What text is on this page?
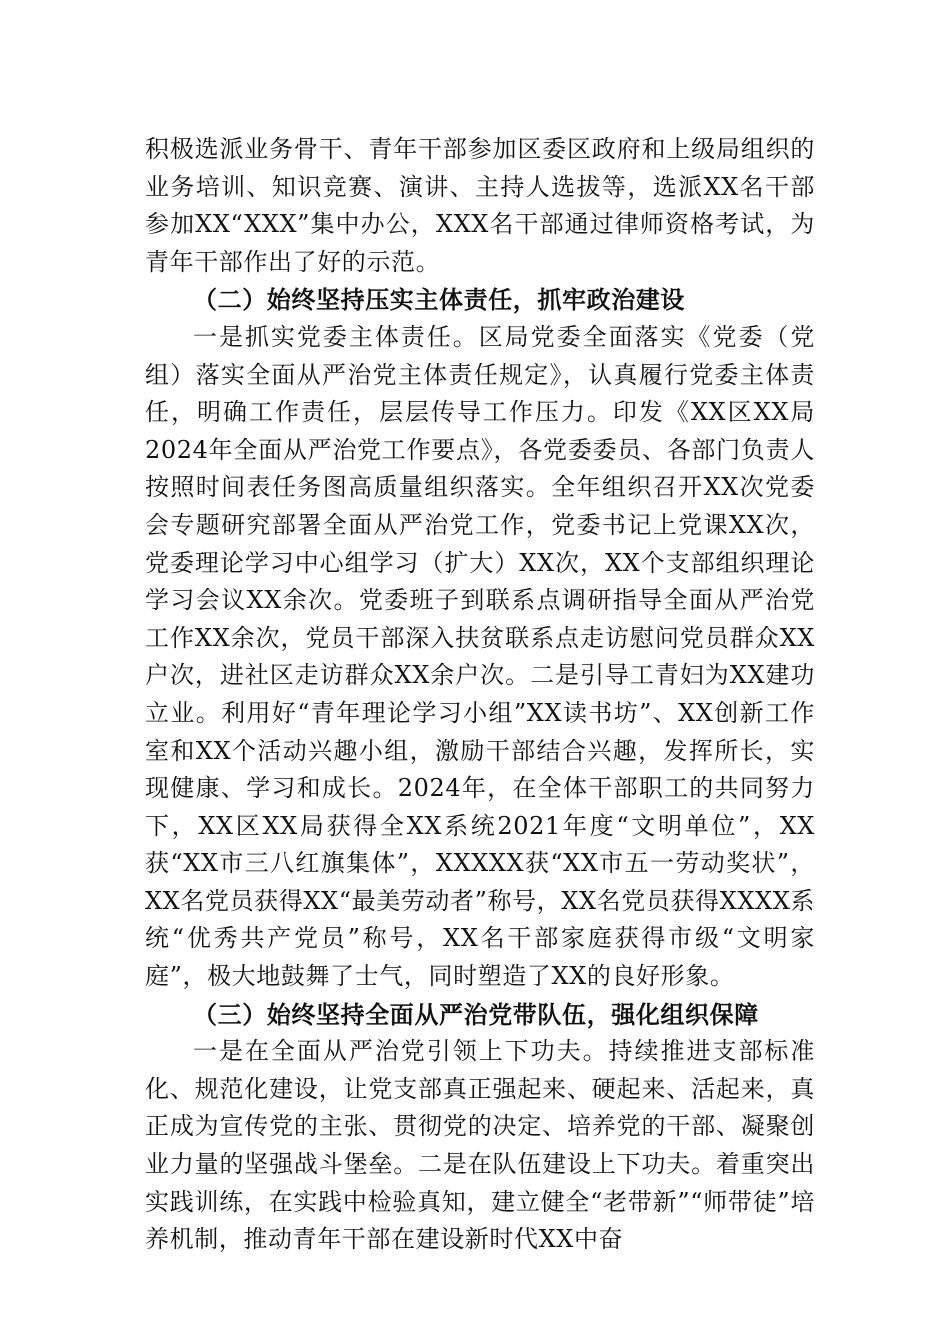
积极选派业务骨干、青年干部参加区委区政府和上级局组织的业务培训、知识竞赛、演讲、主持人选拔等，选派XX名干部参加XX“XXX”集中办公，XXX名干部通过律师资格考试，为青年干部作出了好的示范。

（二）始终坚持压实主体责任，抓牢政治建设

一是抓实党委主体责任。区局党委全面落实《党委（党组）落实全面从严治党主体责任规定》，认真履行党委主体责任，明确工作责任，层层传导工作压力。印发《XX区XX局2024年全面从严治党工作要点》，各党委委员、各部门负责人按照时间表任务图高质量组织落实。全年组织召开XX次党委会专题研究部署全面从严治党工作，党委书记上党课XX次，党委理论学习中心组学习（扩大）XX次，XX个支部组织理论学习会议XX余次。党委班子到联系点调研指导全面从严治党工作XX余次，党员干部深入扶贫联系点走访慰问党员群众XX户次，进社区走访群众XX余户次。二是引导工青妇为XX建功立业。利用好“青年理论学习小组”XX读书坊”、XX创新工作室和XX个活动兴趣小组，激励干部结合兴趣，发挥所长，实现健康、学习和成长。2024年，在全体干部职工的共同努力下，XX区XX局获得全XX系统2021年度“文明单位”，XX获“XX市三八红旗集体”，XXXXX获“XX市五一劳动奖状”，XX名党员获得XX“最美劳动者”称号，XX名党员获得XXXX系统“优秀共产党员”称号，XX名干部家庭获得市级“文明家庭”，极大地鼓舞了士气，同时塑造了XX的良好形象。

（三）始终坚持全面从严治党带队伍，强化组织保障

一是在全面从严治党引领上下功夫。持续推进支部标准化、规范化建设，让党支部真正强起来、硬起来、活起来，真正成为宣传党的主张、贯彻党的决定、培养党的干部、凝聚创业力量的坚强战斗堡垒。二是在队伍建设上下功夫。着重突出实践训练，在实践中检验真知，建立健全“老带新”“师带徒”培养机制，推动青年干部在建设新时代XX中奋
